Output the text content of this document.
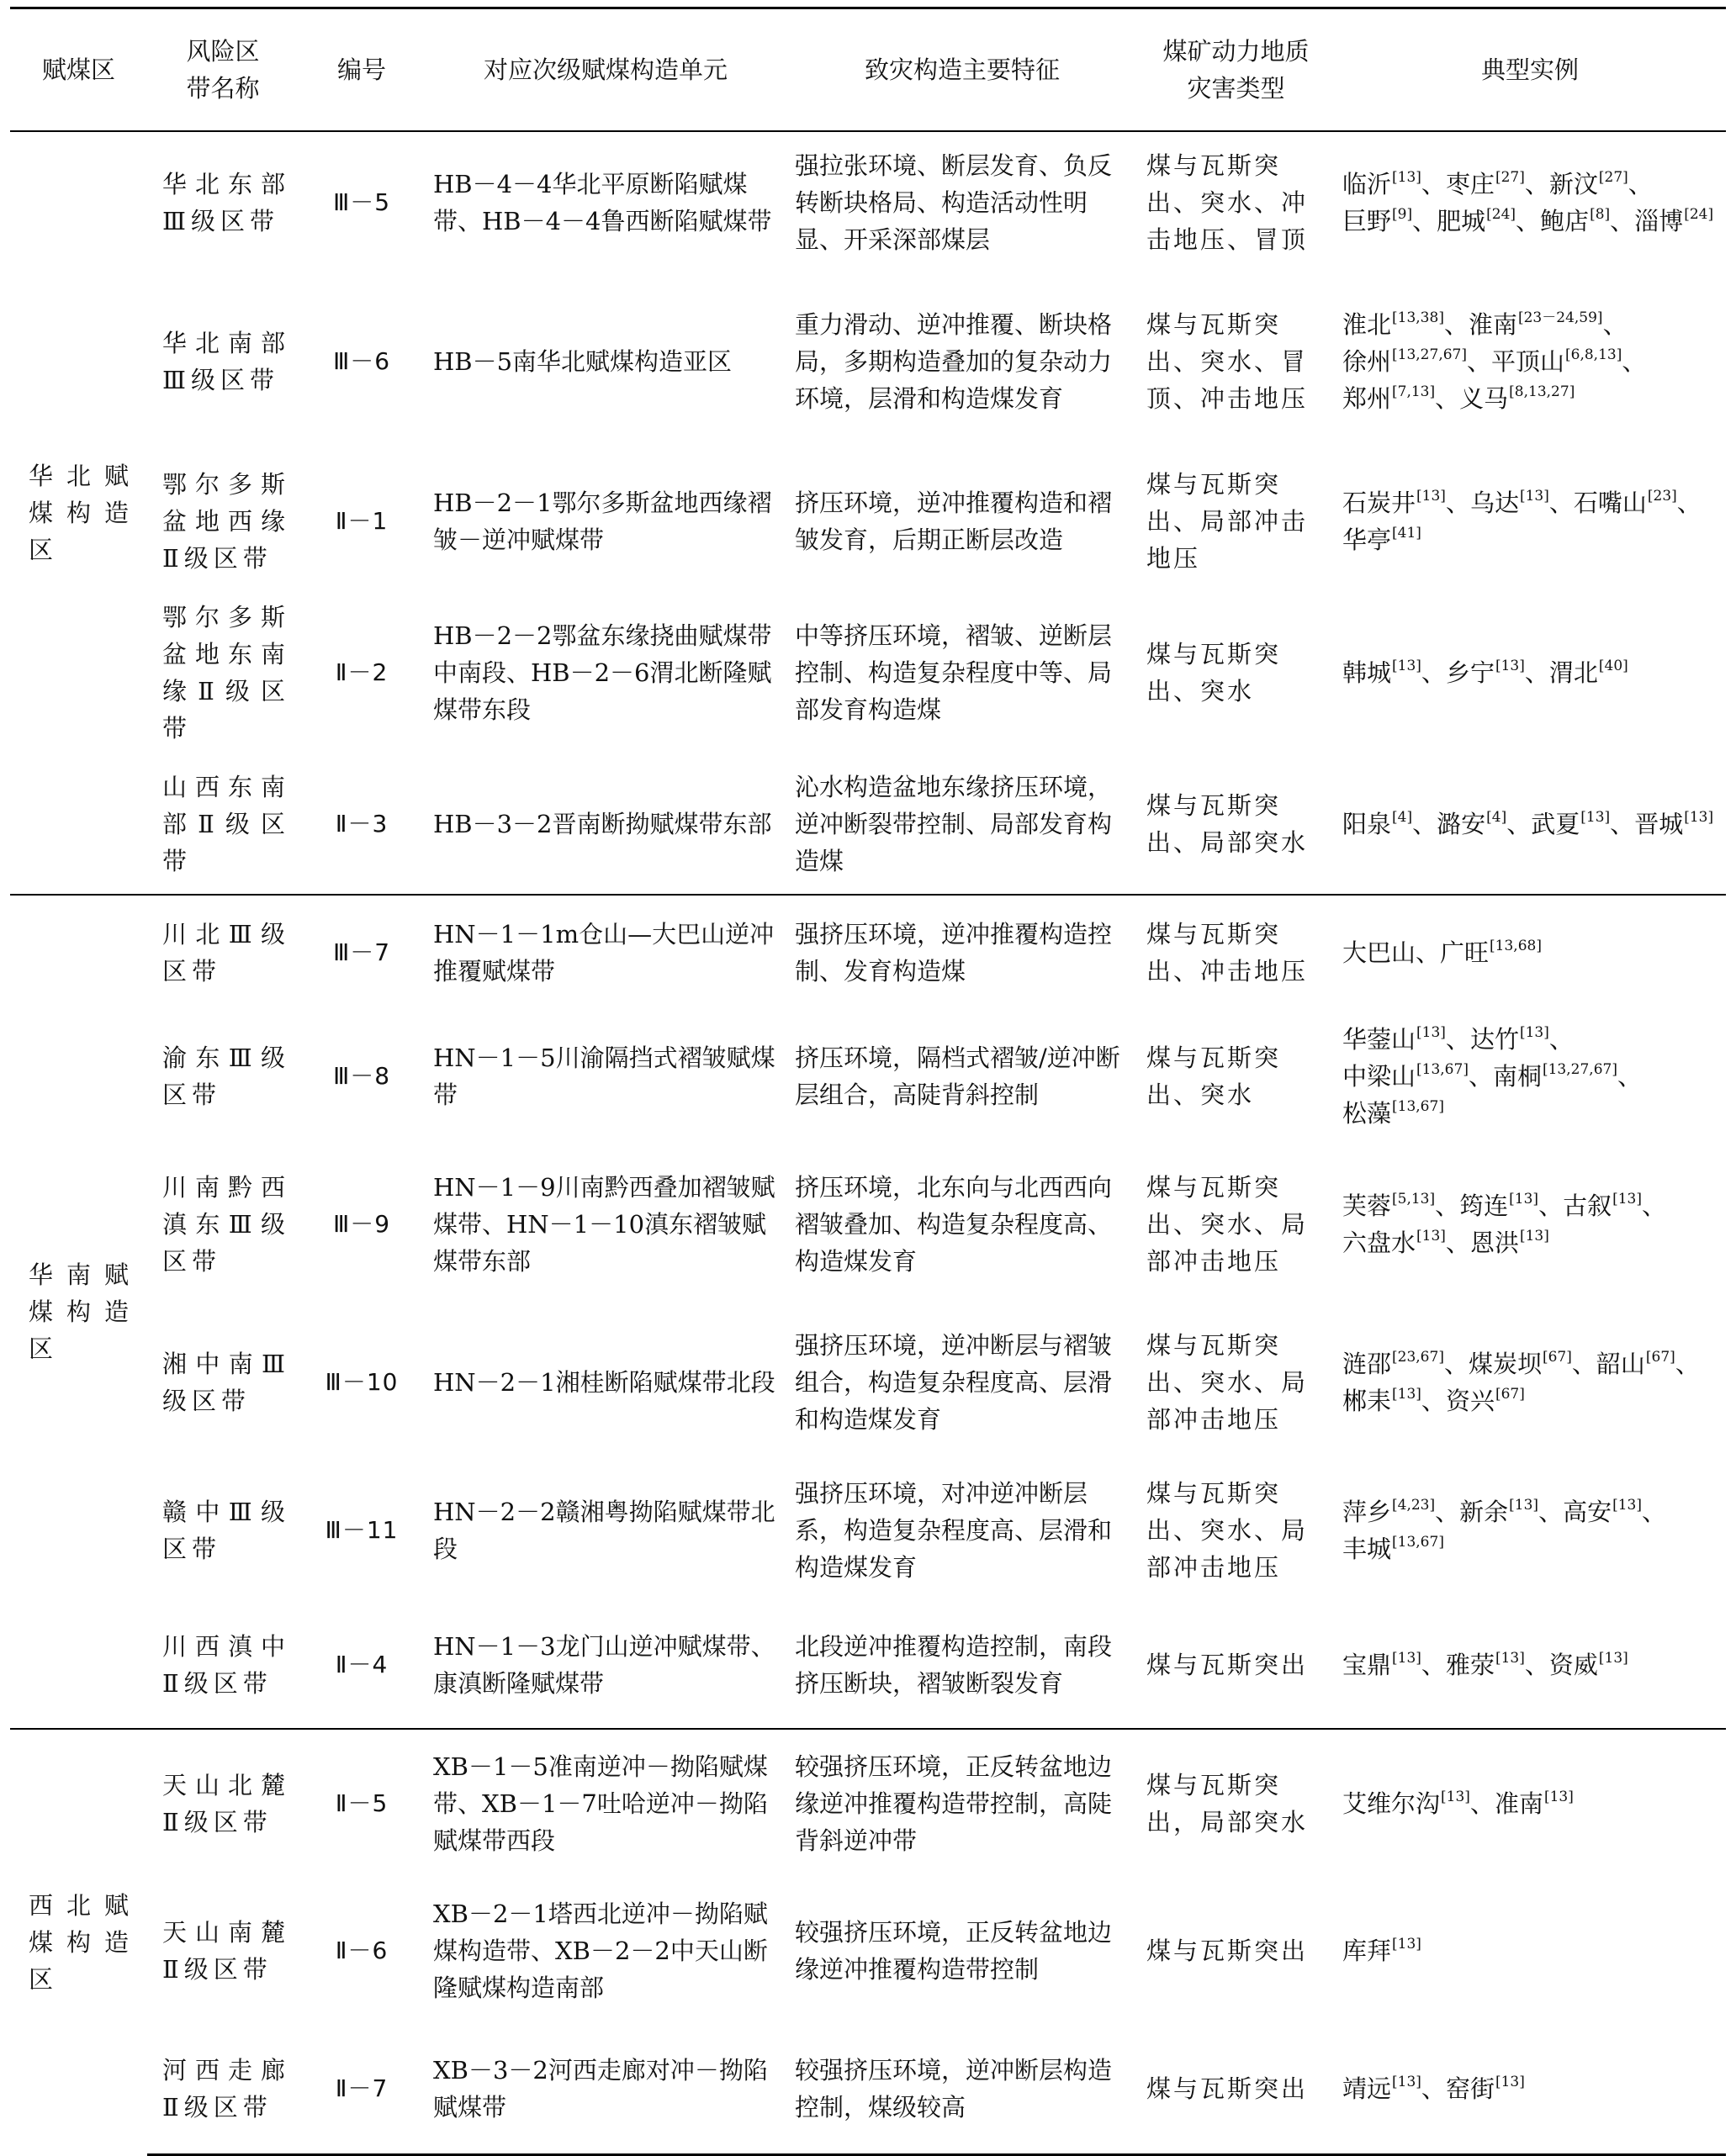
赋煤区	风险区带名称	编号	对应次级赋煤构造单元	致灾构造主要特征	煤矿动力地质灾害类型	典型实例
华北赋煤构造区	华北东部Ⅲ级区带	Ⅲ－5	HB－4－4华北平原断陷赋煤带、HB－4－4鲁西断陷赋煤带	强拉张环境、断层发育、负反转断块格局、构造活动性明显、开采深部煤层	煤与瓦斯突出、突水、冲击地压、冒顶	临沂[13]、枣庄[27]、新汶[27]、巨野[9]、肥城[24]、鲍店[8]、淄博[24]
	华北南部Ⅲ级区带	Ⅲ－6	HB－5南华北赋煤构造亚区	重力滑动、逆冲推覆、断块格局，多期构造叠加的复杂动力环境，层滑和构造煤发育	煤与瓦斯突出、突水、冒顶、冲击地压	淮北[13,38]、淮南[23－24,59]、徐州[13,27,67]、平顶山[6,8,13]、郑州[7,13]、义马[8,13,27]
	鄂尔多斯盆地西缘Ⅱ级区带	Ⅱ－1	HB－2－1鄂尔多斯盆地西缘褶皱－逆冲赋煤带	挤压环境，逆冲推覆构造和褶皱发育，后期正断层改造	煤与瓦斯突出、局部冲击地压	石炭井[13]、乌达[13]、石嘴山[23]、华亭[41]
	鄂尔多斯盆地东南缘Ⅱ级区带	Ⅱ－2	HB－2－2鄂盆东缘挠曲赋煤带中南段、HB－2－6渭北断隆赋煤带东段	中等挤压环境，褶皱、逆断层控制、构造复杂程度中等、局部发育构造煤	煤与瓦斯突出、突水	韩城[13]、乡宁[13]、渭北[40]
	山西东南部Ⅱ级区带	Ⅱ－3	HB－3－2晋南断拗赋煤带东部	沁水构造盆地东缘挤压环境，逆冲断裂带控制、局部发育构造煤	煤与瓦斯突出、局部突水	阳泉[4]、潞安[4]、武夏[13]、晋城[13]
华南赋煤构造区	川北Ⅲ级区带	Ⅲ－7	HN－1－1m仓山—大巴山逆冲推覆赋煤带	强挤压环境，逆冲推覆构造控制、发育构造煤	煤与瓦斯突出、冲击地压	大巴山、广旺[13,68]
	渝东Ⅲ级区带	Ⅲ－8	HN－1－5川渝隔挡式褶皱赋煤带	挤压环境，隔档式褶皱/逆冲断层组合，高陡背斜控制	煤与瓦斯突出、突水	华蓥山[13]、达竹[13]、中梁山[13,67]、南桐[13,27,67]、松藻[13,67]
	川南黔西滇东Ⅲ级区带	Ⅲ－9	HN－1－9川南黔西叠加褶皱赋煤带、HN－1－10滇东褶皱赋煤带东部	挤压环境，北东向与北西西向褶皱叠加、构造复杂程度高、构造煤发育	煤与瓦斯突出、突水、局部冲击地压	芙蓉[5,13]、筠连[13]、古叙[13]、六盘水[13]、恩洪[13]
	湘中南Ⅲ级区带	Ⅲ－10	HN－2－1湘桂断陷赋煤带北段	强挤压环境，逆冲断层与褶皱组合，构造复杂程度高、层滑和构造煤发育	煤与瓦斯突出、突水、局部冲击地压	涟邵[23,67]、煤炭坝[67]、韶山[67]、郴耒[13]、资兴[67]
	赣中Ⅲ级区带	Ⅲ－11	HN－2－2赣湘粤拗陷赋煤带北段	强挤压环境，对冲逆冲断层系，构造复杂程度高、层滑和构造煤发育	煤与瓦斯突出、突水、局部冲击地压	萍乡[4,23]、新余[13]、高安[13]、丰城[13,67]
	川西滇中Ⅱ级区带	Ⅱ－4	HN－1－3龙门山逆冲赋煤带、康滇断隆赋煤带	北段逆冲推覆构造控制，南段挤压断块，褶皱断裂发育	煤与瓦斯突出	宝鼎[13]、雅荥[13]、资威[13]
西北赋煤构造区	天山北麓Ⅱ级区带	Ⅱ－5	XB－1－5准南逆冲－拗陷赋煤带、XB－1－7吐哈逆冲－拗陷赋煤带西段	较强挤压环境，正反转盆地边缘逆冲推覆构造带控制，高陡背斜逆冲带	煤与瓦斯突出，局部突水	艾维尔沟[13]、准南[13]
	天山南麓Ⅱ级区带	Ⅱ－6	XB－2－1塔西北逆冲－拗陷赋煤构造带、XB－2－2中天山断隆赋煤构造南部	较强挤压环境，正反转盆地边缘逆冲推覆构造带控制	煤与瓦斯突出	库拜[13]
	河西走廊Ⅱ级区带	Ⅱ－7	XB－3－2河西走廊对冲－拗陷赋煤带	较强挤压环境，逆冲断层构造控制，煤级较高	煤与瓦斯突出	靖远[13]、窑街[13]
